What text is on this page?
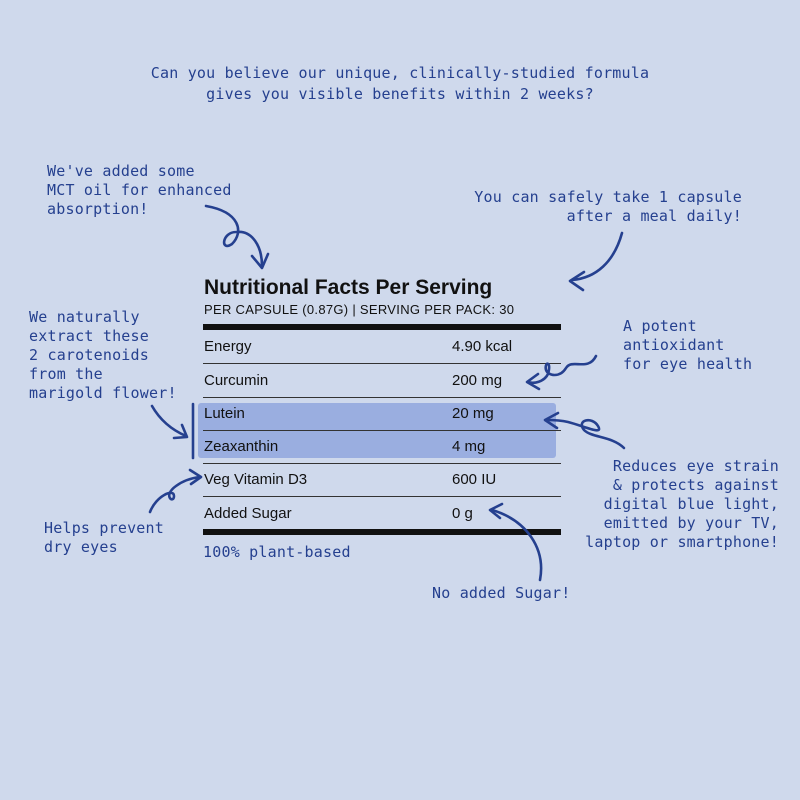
Can you believe our unique, clinically-studied formula
gives you visible benefits within 2 weeks?
We've added some
MCT oil for enhanced
absorption!
You can safely take 1 capsule
after a meal daily!
We naturally
extract these
2 carotenoids
from the
marigold flower!
A potent
antioxidant
for eye health
Reduces eye strain
& protects against
digital blue light,
emitted by your TV,
laptop or smartphone!
Helps prevent
dry eyes
No added Sugar!
100% plant-based
Nutritional Facts Per Serving
PER CAPSULE (0.87G) | SERVING PER PACK: 30
Energy	4.90 kcal
Curcumin	200 mg
Lutein	20 mg
Zeaxanthin	4 mg
Veg Vitamin D3	600 IU
Added Sugar	0 g
